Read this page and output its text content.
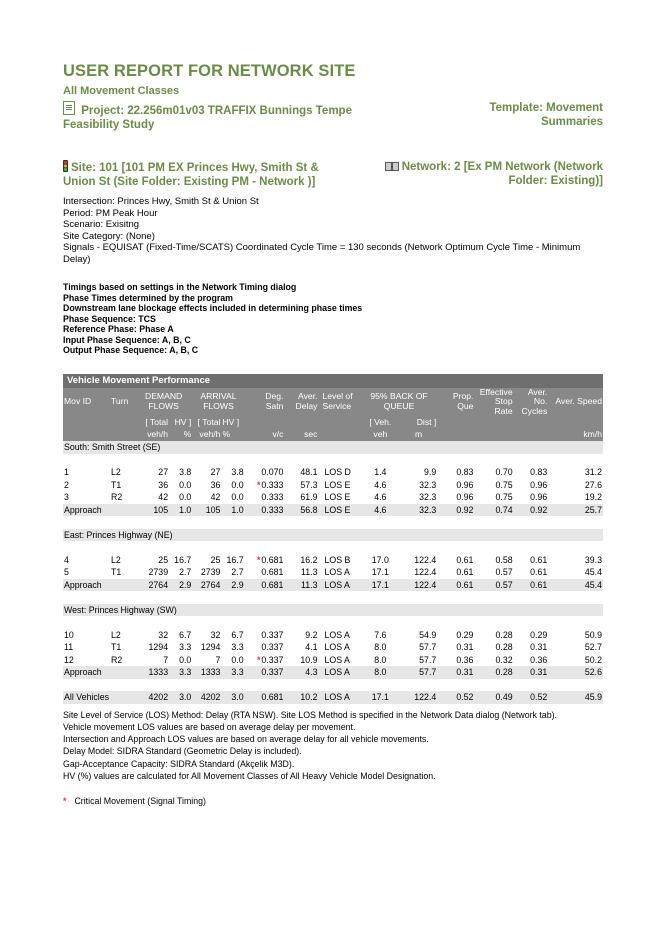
USER REPORT FOR NETWORK SITE
All Movement Classes
Project: 22.256m01v03 TRAFFIX Bunnings Tempe Feasibility Study
Template: Movement Summaries
Site: 101 [101 PM EX Princes Hwy, Smith St & Union St (Site Folder: Existing PM - Network )]
Network: 2 [Ex PM Network (Network Folder: Existing)]
Intersection: Princes Hwy, Smith St & Union St
Period: PM Peak Hour
Scenario: Exisitng
Site Category: (None)
Signals - EQUISAT (Fixed-Time/SCATS) Coordinated Cycle Time = 130 seconds (Network Optimum Cycle Time - Minimum Delay)
Timings based on settings in the Network Timing dialog
Phase Times determined by the program
Downstream lane blockage effects included in determining phase times
Phase Sequence: TCS
Reference Phase: Phase A
Input Phase Sequence: A, B, C
Output Phase Sequence: A, B, C
Vehicle Movement Performance															
Mov ID	Turn	DEMAND FLOWS		ARRIVAL FLOWS		Deg. Satn	Aver. Delay	Level of Service	95% BACK OF QUEUE		Prop. Que	Effective Stop Rate	Aver. No. Cycles	Aver. Speed	
		[ Total	HV ]	[ Total	HV ]				[ Veh.	Dist ]					
		veh/h	%	veh/h	%	v/c	sec		veh	m				km/h	
South: Smith Street (SE)															

1	L2	27	3.8	27	3.8	0.070	48.1	LOS D	1.4	9.9	0.83	0.70	0.83	31.2	
2	T1	36	0.0	36	0.0	*0.333	57.3	LOS E	4.6	32.3	0.96	0.75	0.96	27.6	
3	R2	42	0.0	42	0.0	0.333	61.9	LOS E	4.6	32.3	0.96	0.75	0.96	19.2	
Approach		105	1.0	105	1.0	0.333	56.8	LOS E	4.6	32.3	0.92	0.74	0.92	25.7	

East: Princes Highway (NE)															

4	L2	25	16.7	25	16.7	*0.681	16.2	LOS B	17.0	122.4	0.61	0.58	0.61	39.3	
5	T1	2739	2.7	2739	2.7	0.681	11.3	LOS A	17.1	122.4	0.61	0.57	0.61	45.4	
Approach		2764	2.9	2764	2.9	0.681	11.3	LOS A	17.1	122.4	0.61	0.57	0.61	45.4	

West: Princes Highway (SW)															

10	L2	32	6.7	32	6.7	0.337	9.2	LOS A	7.6	54.9	0.29	0.28	0.29	50.9	
11	T1	1294	3.3	1294	3.3	0.337	4.1	LOS A	8.0	57.7	0.31	0.28	0.31	52.7	
12	R2	7	0.0	7	0.0	*0.337	10.9	LOS A	8.0	57.7	0.36	0.32	0.36	50.2	
Approach		1333	3.3	1333	3.3	0.337	4.3	LOS A	8.0	57.7	0.31	0.28	0.31	52.6	

All Vehicles		4202	3.0	4202	3.0	0.681	10.2	LOS A	17.1	122.4	0.52	0.49	0.52	45.9	
Site Level of Service (LOS) Method: Delay (RTA NSW). Site LOS Method is specified in the Network Data dialog (Network tab).
Vehicle movement LOS values are based on average delay per movement.
Intersection and Approach LOS values are based on average delay for all vehicle movements.
Delay Model: SIDRA Standard (Geometric Delay is included).
Gap-Acceptance Capacity: SIDRA Standard (Akçelik M3D).
HV (%) values are calculated for All Movement Classes of All Heavy Vehicle Model Designation.
* Critical Movement (Signal Timing)
